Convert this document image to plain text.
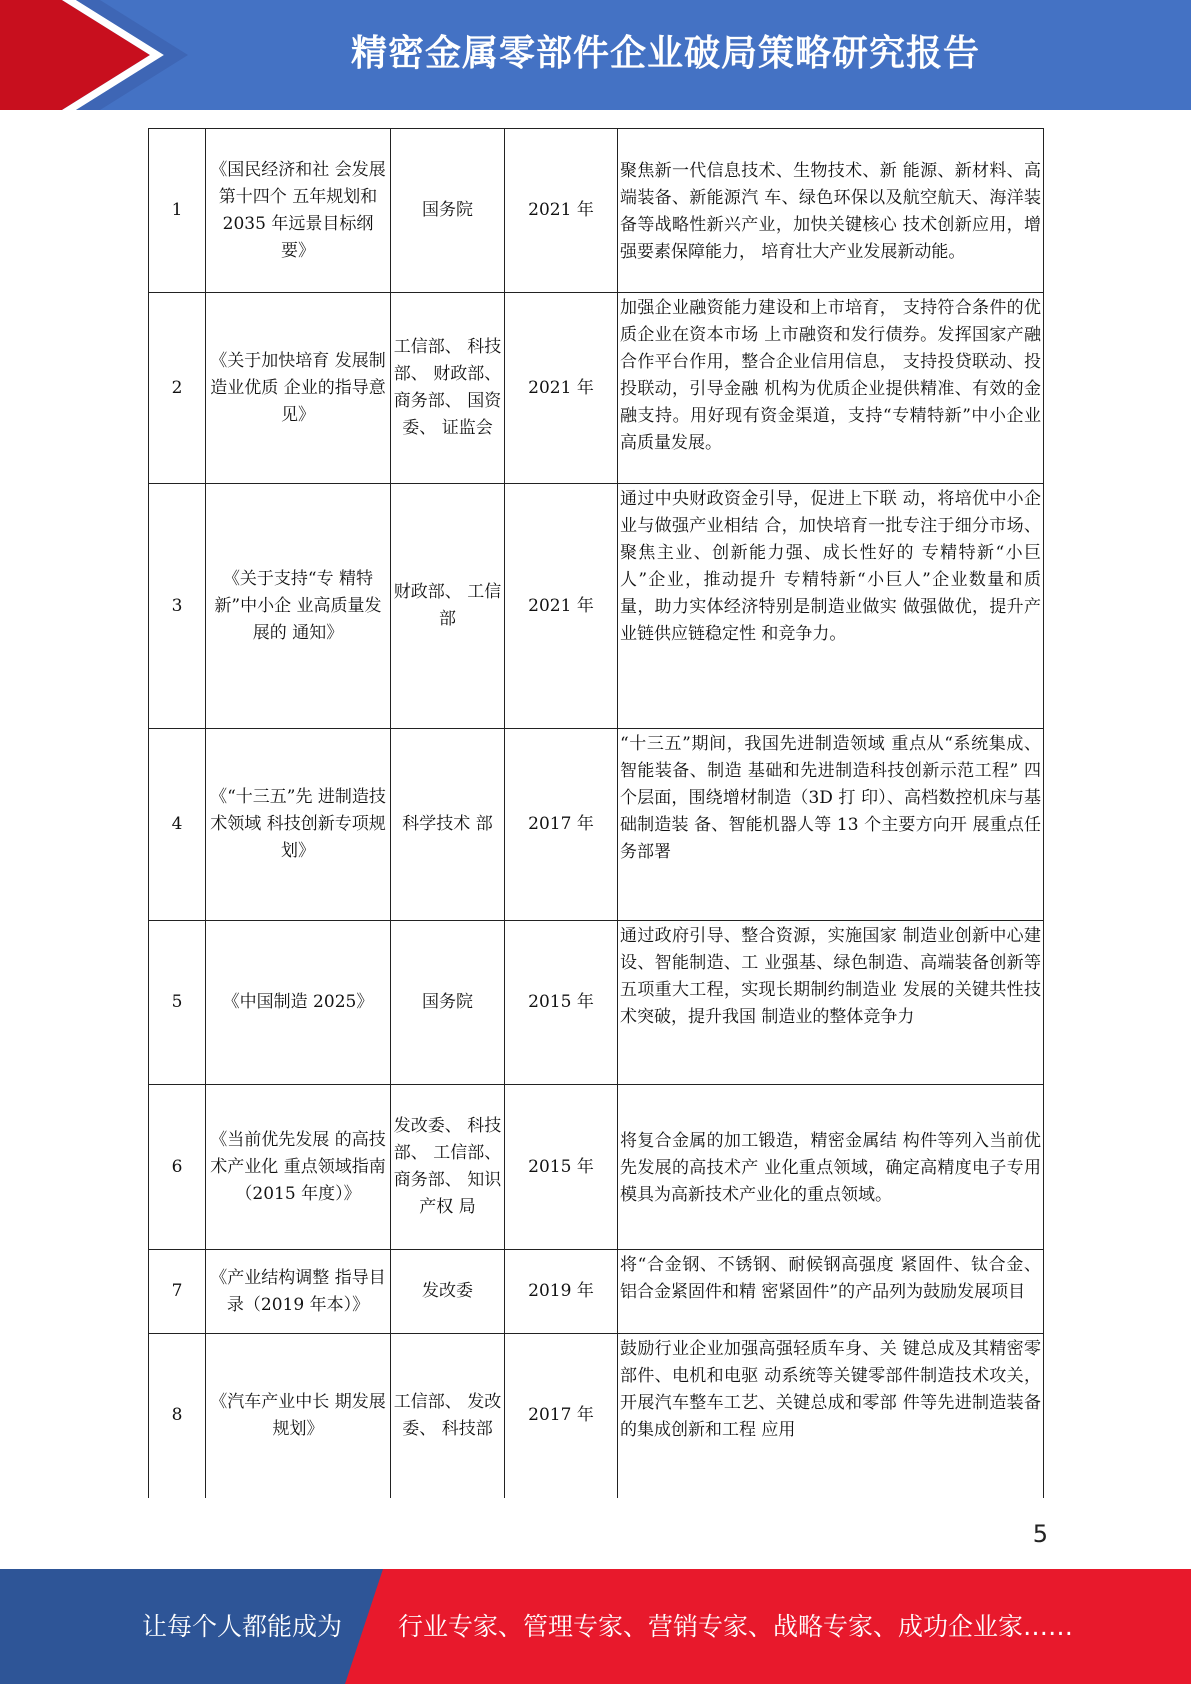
精密金属零部件企业破局策略研究报告
1	《国民经济和社 会发展第十四个 五年规划和 2035 年远景目标纲 要》	国务院	2021 年	聚焦新一代信息技术、生物技术、新 能源、新材料、高端装备、新能源汽 车、绿色环保以及航空航天、海洋装 备等战略性新兴产业，加快关键核心 技术创新应用，增强要素保障能力， 培育壮大产业发展新动能。
2	《关于加快培育 发展制造业优质 企业的指导意 见》	工信部、 科技部、 财政部、 商务部、 国资委、 证监会	2021 年	加强企业融资能力建设和上市培育， 支持符合条件的优质企业在资本市场 上市融资和发行债券。发挥国家产融 合作平台作用，整合企业信用信息， 支持投贷联动、投投联动，引导金融 机构为优质企业提供精准、有效的金 融支持。用好现有资金渠道，支持“专精特新”中小企业高质量发展。
3	《关于支持“专 精特新”中小企 业高质量发展的 通知》	财政部、 工信部	2021 年	通过中央财政资金引导，促进上下联 动，将培优中小企业与做强产业相结 合，加快培育一批专注于细分市场、 聚焦主业、创新能力强、成长性好的 专精特新“小巨人”企业，推动提升 专精特新“小巨人”企业数量和质 量，助力实体经济特别是制造业做实 做强做优，提升产业链供应链稳定性 和竞争力。
4	《“十三五”先 进制造技术领域 科技创新专项规 划》	科学技术 部	2017 年	“十三五”期间，我国先进制造领域 重点从“系统集成、智能装备、制造 基础和先进制造科技创新示范工程” 四个层面，围绕增材制造（3D 打 印）、高档数控机床与基础制造装 备、智能机器人等 13 个主要方向开 展重点任务部署
5	《中国制造 2025》	国务院	2015 年	通过政府引导、整合资源，实施国家 制造业创新中心建设、智能制造、工 业强基、绿色制造、高端装备创新等 五项重大工程，实现长期制约制造业 发展的关键共性技术突破，提升我国 制造业的整体竞争力
6	《当前优先发展 的高技术产业化 重点领域指南 （2015 年度）》	发改委、 科技部、 工信部、 商务部、 知识产权 局	2015 年	将复合金属的加工锻造，精密金属结 构件等列入当前优先发展的高技术产 业化重点领域，确定高精度电子专用 模具为高新技术产业化的重点领域。
7	《产业结构调整 指导目录（2019 年本）》	发改委	2019 年	将“合金钢、不锈钢、耐候钢高强度 紧固件、钛合金、铝合金紧固件和精 密紧固件”的产品列为鼓励发展项目
8	《汽车产业中长 期发展规划》	工信部、 发改委、 科技部	2017 年	鼓励行业企业加强高强轻质车身、关 键总成及其精密零部件、电机和电驱 动系统等关键零部件制造技术攻关， 开展汽车整车工艺、关键总成和零部 件等先进制造装备的集成创新和工程 应用
5
让每个人都能成为 行业专家、管理专家、营销专家、战略专家、成功企业家……
